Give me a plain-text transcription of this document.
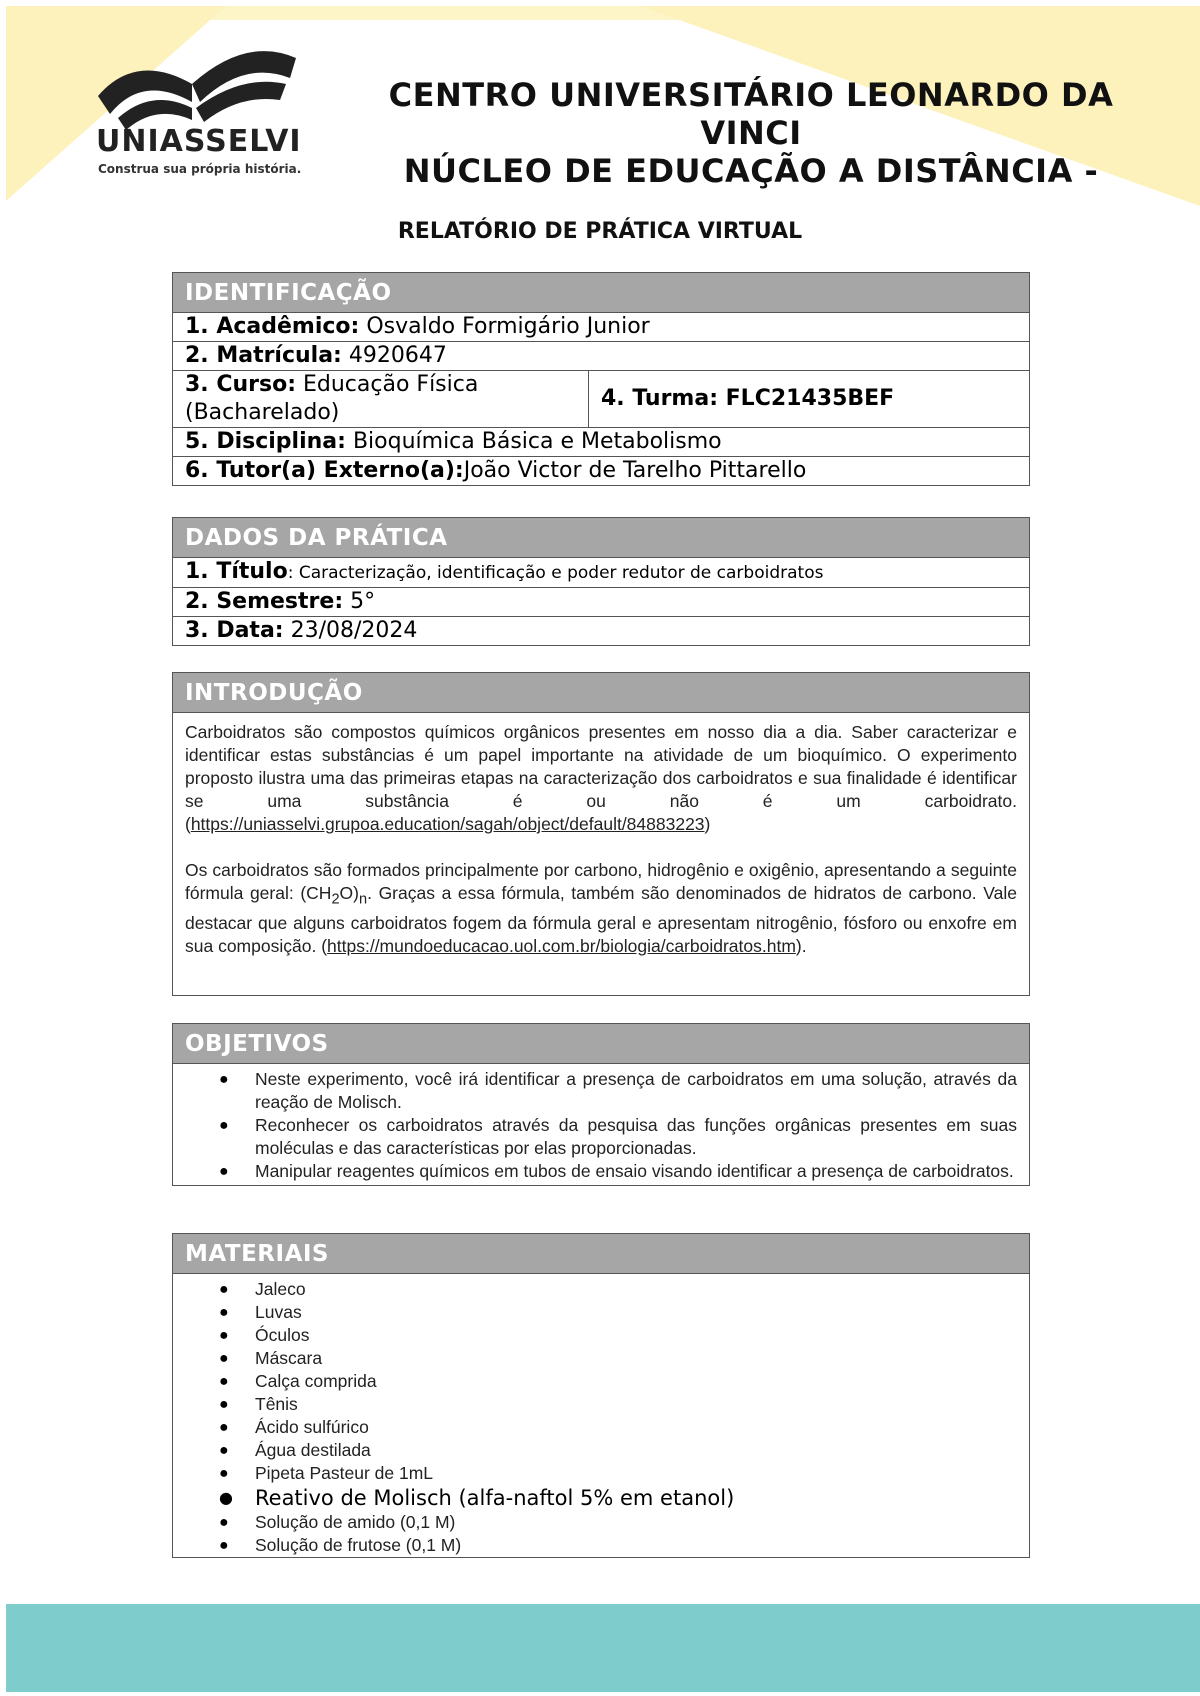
UNIASSELVI
Construa sua própria história.
CENTRO UNIVERSITÁRIO LEONARDO DA VINCI
NÚCLEO DE EDUCAÇÃO A DISTÂNCIA -
RELATÓRIO DE PRÁTICA VIRTUAL
IDENTIFICAÇÃO
1. Acadêmico: Osvaldo Formigário Junior
2. Matrícula: 4920647
3. Curso: Educação Física (Bacharelado)
4. Turma: FLC21435BEF
5. Disciplina: Bioquímica Básica e Metabolismo
6. Tutor(a) Externo(a):João Victor de Tarelho Pittarello
DADOS DA PRÁTICA
1. Título: Caracterização, identificação e poder redutor de carboidratos
2. Semestre: 5°
3. Data: 23/08/2024
INTRODUÇÃO

Carboidratos são compostos químicos orgânicos presentes em nosso dia a dia. Saber caracterizar e identificar estas substâncias é um papel importante na atividade de um bioquímico. O experimento proposto ilustra uma das primeiras etapas na caracterização dos carboidratos e sua finalidade é identificar se uma substância é ou não é um carboidrato. (https://uniasselvi.grupoa.education/sagah/object/default/84883223)

Os carboidratos são formados principalmente por carbono, hidrogênio e oxigênio, apresentando a seguinte fórmula geral: $(CH_2O)_n$. Graças a essa fórmula, também são denominados de hidratos de carbono. Vale destacar que alguns carboidratos fogem da fórmula geral e apresentam nitrogênio, fósforo ou enxofre em sua composição. (https://mundoeducacao.uol.com.br/biologia/carboidratos.htm).

OBJETIVOS
● Neste experimento, você irá identificar a presença de carboidratos em uma solução, através da reação de Molisch.
● Reconhecer os carboidratos através da pesquisa das funções orgânicas presentes em suas moléculas e das características por elas proporcionadas.
● Manipular reagentes químicos em tubos de ensaio visando identificar a presença de carboidratos.
MATERIAIS
● Jaleco
● Luvas
● Óculos
● Máscara
● Calça comprida
● Tênis
● Ácido sulfúrico
● Água destilada
● Pipeta Pasteur de 1mL
● Reativo de Molisch (alfa-naftol 5% em etanol)
● Solução de amido (0,1 M)
● Solução de frutose (0,1 M)
